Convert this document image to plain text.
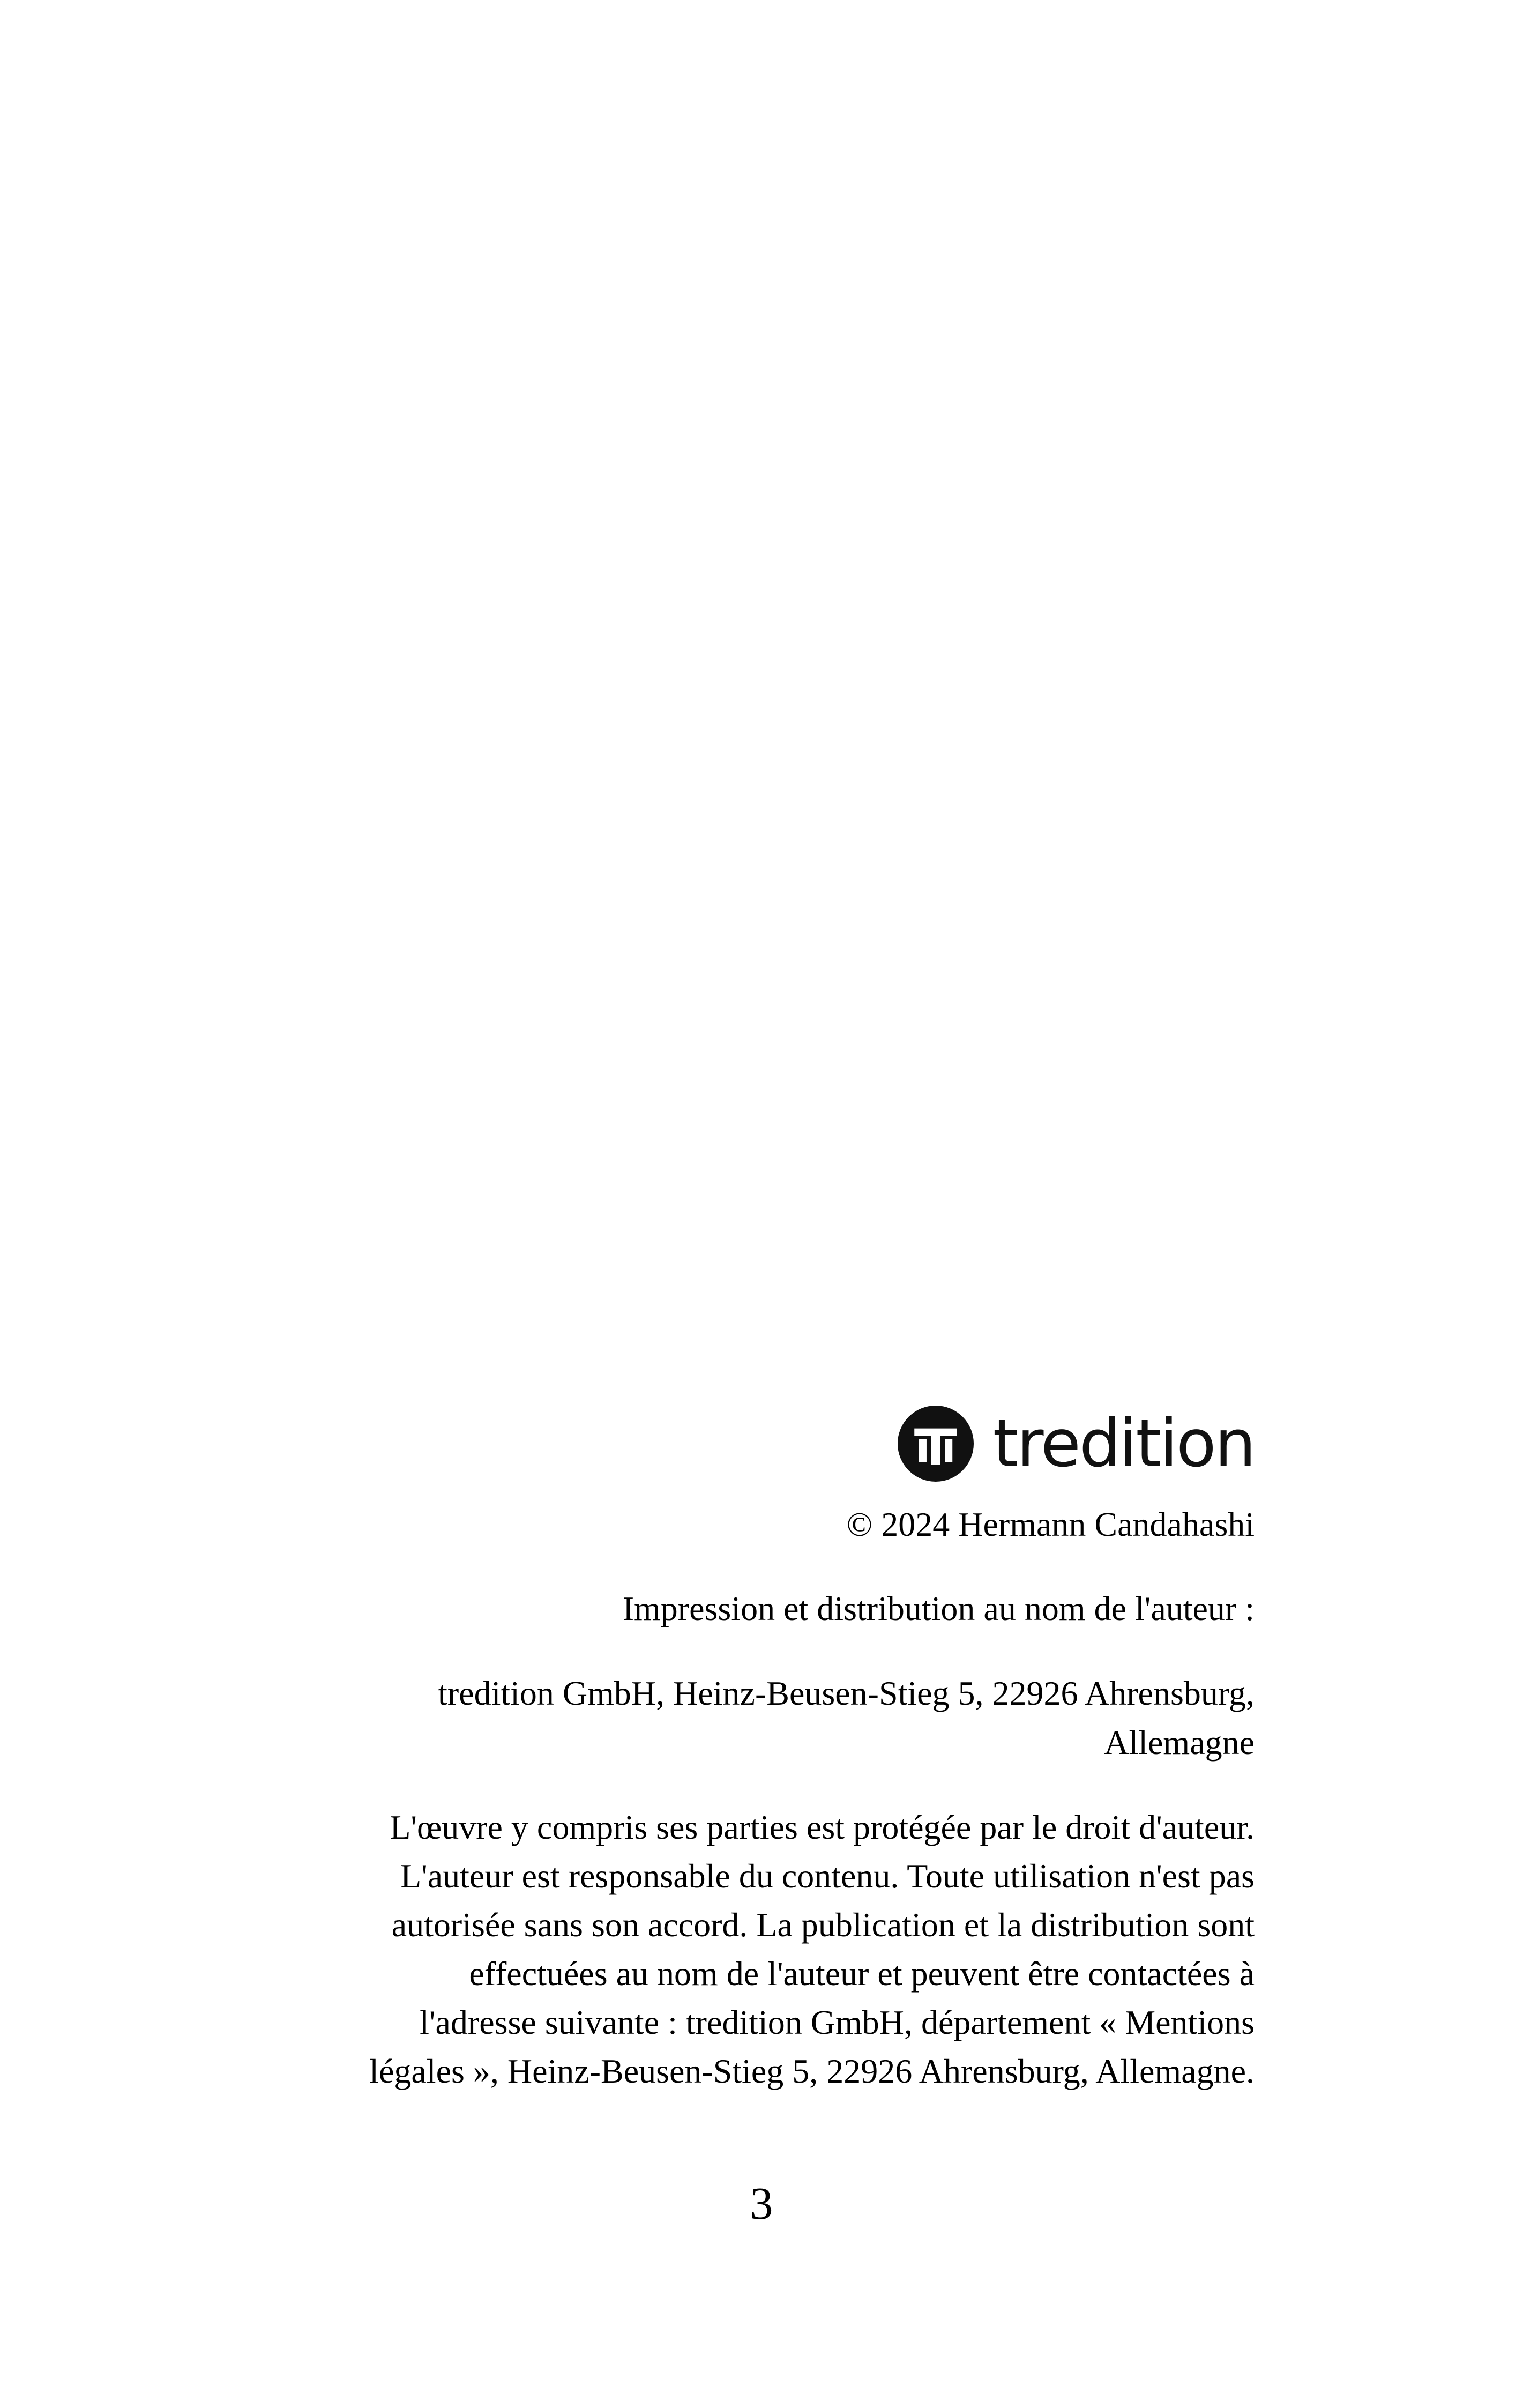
tredition

© 2024 Hermann Candahashi

Impression et distribution au nom de l'auteur :

tredition GmbH, Heinz-Beusen-Stieg 5, 22926 Ahrensburg,

Allemagne

L'œuvre y compris ses parties est protégée par le droit d'auteur.

L'auteur est responsable du contenu. Toute utilisation n'est pas

autorisée sans son accord. La publication et la distribution sont

effectuées au nom de l'auteur et peuvent être contactées à

l'adresse suivante : tredition GmbH, département « Mentions

légales », Heinz-Beusen-Stieg 5, 22926 Ahrensburg, Allemagne.

3
